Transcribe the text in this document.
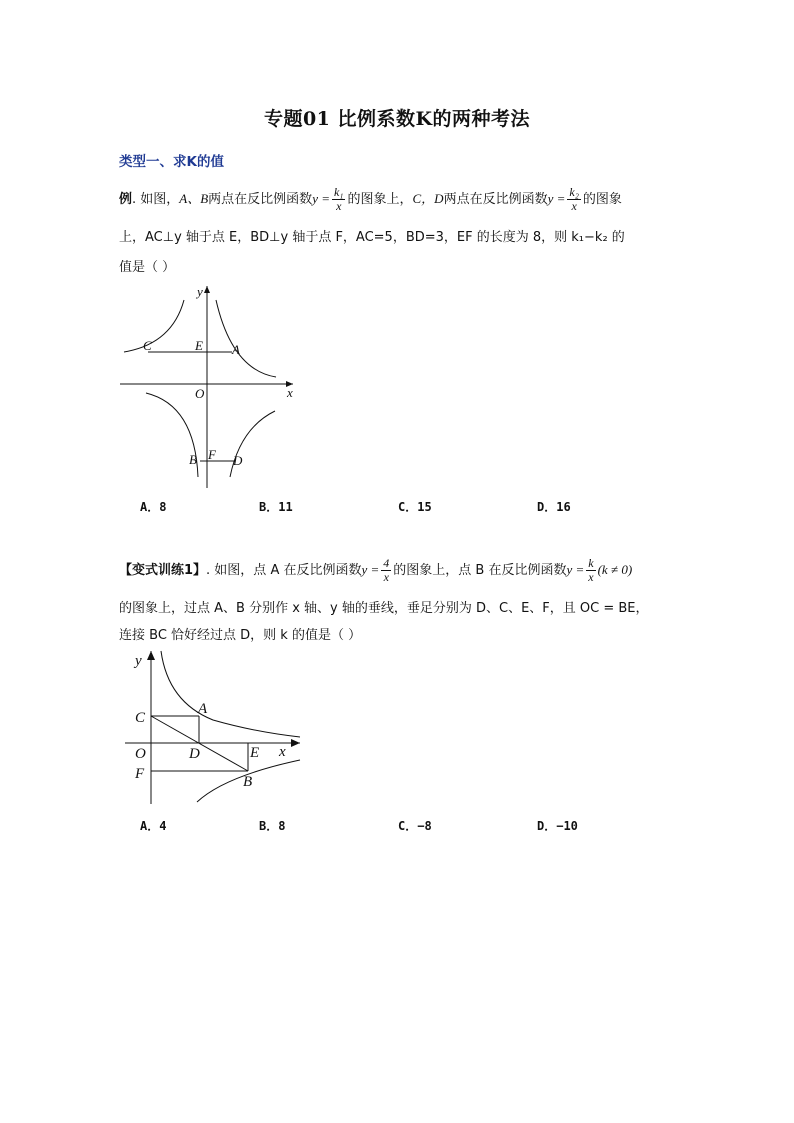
专题01 比例系数K的两种考法
类型一、求K的值
例. 如图，A、B两点在反比例函数$y = \frac{\text{k₁}}{x}$ 的图象上，C，D两点在反比例函数$y = \frac{\text{k₂}}{x}$ 的图象
上，AC⊥y 轴于点 E，BD⊥y 轴于点 F，AC=5，BD=3，EF 的长度为 8，则 k₁−k₂ 的
值是（ ）
y
x
O
C	E A
B F D
A．8	B．11	C．15	D．16
【变式训练1】. 如图，点 A 在反比例函数$y = \frac{4}{x}$ 的图象上，点 B 在反比例函数$y = \frac{k}{x} (k \ne 0)$
的图象上，过点 A、B 分别作 x 轴、y 轴的垂线，垂足分别为 D、C、E、F，且 OC = BE，
连接 BC 恰好经过点 D，则 k 的值是（ ）
y
x
O
C
A
D	E
F	B
A．4	B．8	C．−8	D．−10
